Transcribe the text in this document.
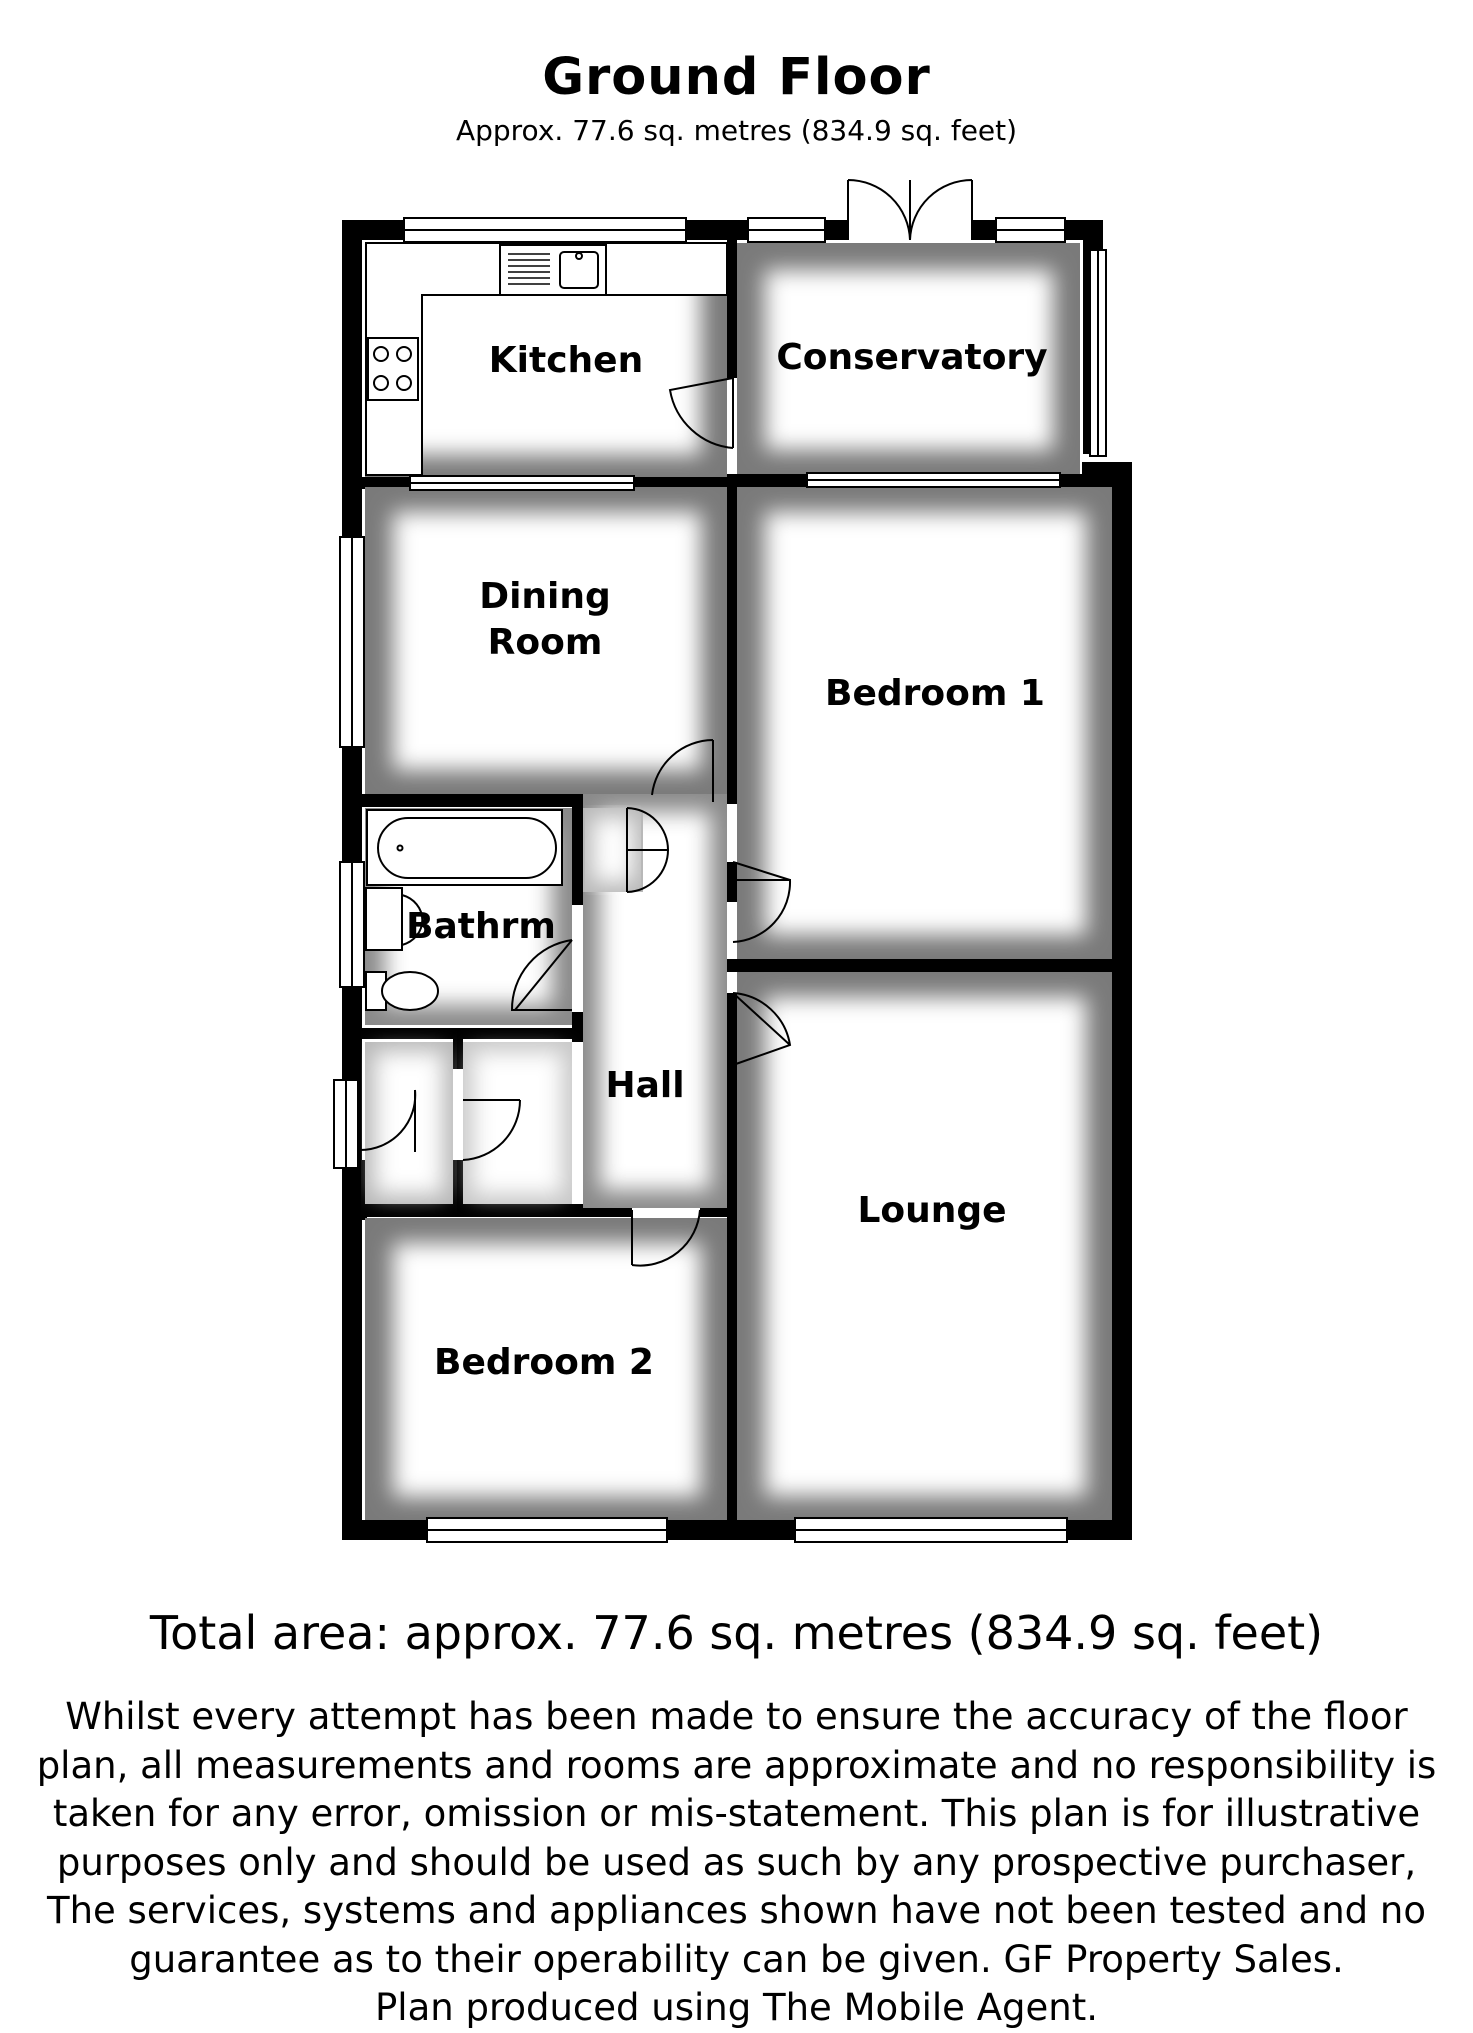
Ground Floor
Approx. 77.6 sq. metres (834.9 sq. feet)
Kitchen	Conservatory
Dining
Room
Bedroom 1
Bathrm
Hall
Lounge
Bedroom 2
Total area: approx. 77.6 sq. metres (834.9 sq. feet)
Whilst every attempt has been made to ensure the accuracy of the floor
plan, all measurements and rooms are approximate and no responsibility is
taken for any error, omission or mis-statement. This plan is for illustrative
purposes only and should be used as such by any prospective purchaser,
The services, systems and appliances shown have not been tested and no
guarantee as to their operability can be given. GF Property Sales.
Plan produced using The Mobile Agent.
